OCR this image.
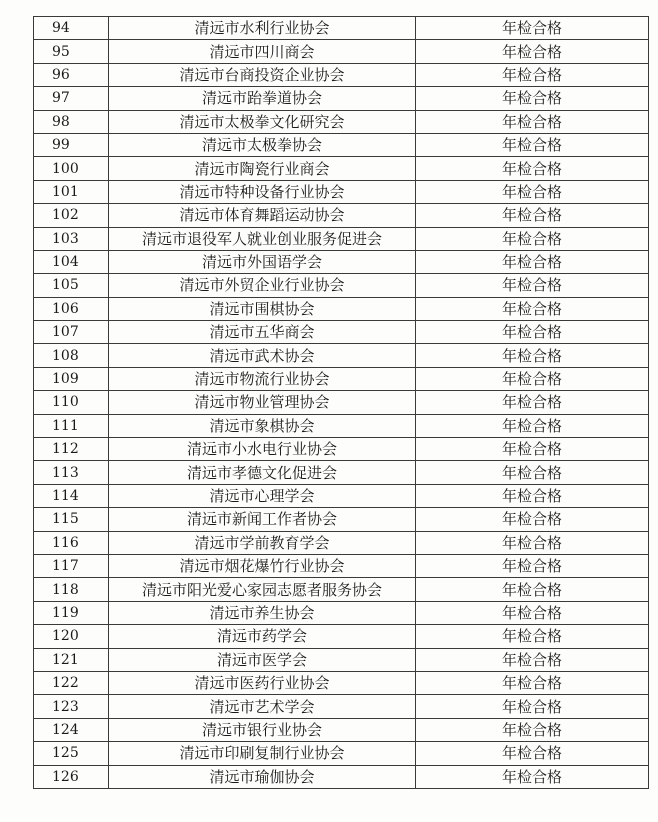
94	清远市水利行业协会	年检合格
95	清远市四川商会	年检合格
96	清远市台商投资企业协会	年检合格
97	清远市跆拳道协会	年检合格
98	清远市太极拳文化研究会	年检合格
99	清远市太极拳协会	年检合格
100	清远市陶瓷行业商会	年检合格
101	清远市特种设备行业协会	年检合格
102	清远市体育舞蹈运动协会	年检合格
103	清远市退役军人就业创业服务促进会	年检合格
104	清远市外国语学会	年检合格
105	清远市外贸企业行业协会	年检合格
106	清远市围棋协会	年检合格
107	清远市五华商会	年检合格
108	清远市武术协会	年检合格
109	清远市物流行业协会	年检合格
110	清远市物业管理协会	年检合格
111	清远市象棋协会	年检合格
112	清远市小水电行业协会	年检合格
113	清远市孝德文化促进会	年检合格
114	清远市心理学会	年检合格
115	清远市新闻工作者协会	年检合格
116	清远市学前教育学会	年检合格
117	清远市烟花爆竹行业协会	年检合格
118	清远市阳光爱心家园志愿者服务协会	年检合格
119	清远市养生协会	年检合格
120	清远市药学会	年检合格
121	清远市医学会	年检合格
122	清远市医药行业协会	年检合格
123	清远市艺术学会	年检合格
124	清远市银行业协会	年检合格
125	清远市印刷复制行业协会	年检合格
126	清远市瑜伽协会	年检合格
